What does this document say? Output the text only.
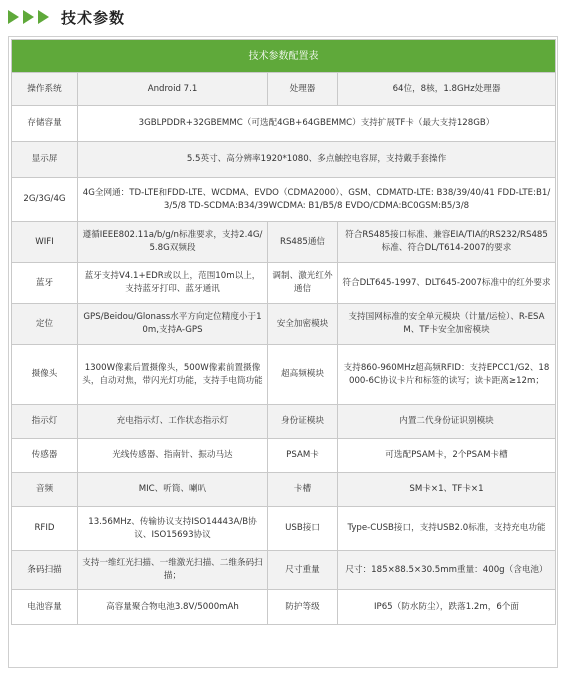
技术参数
技术参数配置表			
操作系统	Android 7.1	处理器	64位，8核，1.8GHz处理器
存储容量	3GBLPDDR+32GBEMMC（可选配4GB+64GBEMMC）支持扩展TF卡（最大支持128GB）		
显示屏	5.5英寸、高分辨率1920*1080、多点触控电容屏，支持戴手套操作		
2G/3G/4G	4G全网通：TD-LTE和FDD-LTE、WCDMA、EVDO（CDMA2000）、GSM、CDMATD-LTE: B38/39/40/41 FDD-LTE:B1/3/5/8 TD-SCDMA:B34/39WCDMA: B1/B5/8 EVDO/CDMA:BC0GSM:B5/3/8		
WIFI	遵循IEEE802.11a/b/g/n标准要求，支持2.4G/5.8G双频段	RS485通信	符合RS485接口标准、兼容EIA/TIA的RS232/RS485标准、符合DL/T614-2007的要求
蓝牙	蓝牙支持V4.1+EDR或以上，范围10m以上，支持蓝牙打印、蓝牙通讯	调制、激光红外通信	符合DLT645-1997、DLT645-2007标准中的红外要求
定位	GPS/Beidou/Glonass水平方向定位精度小于10m,支持A-GPS	安全加密模块	支持国网标准的安全单元模块（计量/运检）、R-ESAM、TF卡安全加密模块
摄像头	1300W像素后置摄像头，500W像素前置摄像头，自动对焦，带闪光灯功能，支持手电筒功能	超高频模块	支持860-960MHz超高频RFID：支持EPCC1/G2、18000-6C协议卡片和标签的读写；读卡距离≥12m；
指示灯	充电指示灯、工作状态指示灯	身份证模块	内置二代身份证识别模块
传感器	光线传感器、指南针、振动马达	PSAM卡	可选配PSAM卡，2个PSAM卡槽
音频	MIC、听筒、喇叭	卡槽	SM卡×1、TF卡×1
RFID	13.56MHz、传输协议支持ISO14443A/B协议、ISO15693协议	USB接口	Type-CUSB接口，支持USB2.0标准，支持充电功能
条码扫描	支持一维红光扫描、一维激光扫描、二维条码扫描；	尺寸重量	尺寸：185×88.5×30.5mm重量：400g（含电池）
电池容量	高容量聚合物电池3.8V/5000mAh	防护等级	IP65（防水防尘），跌落1.2m，6个面
